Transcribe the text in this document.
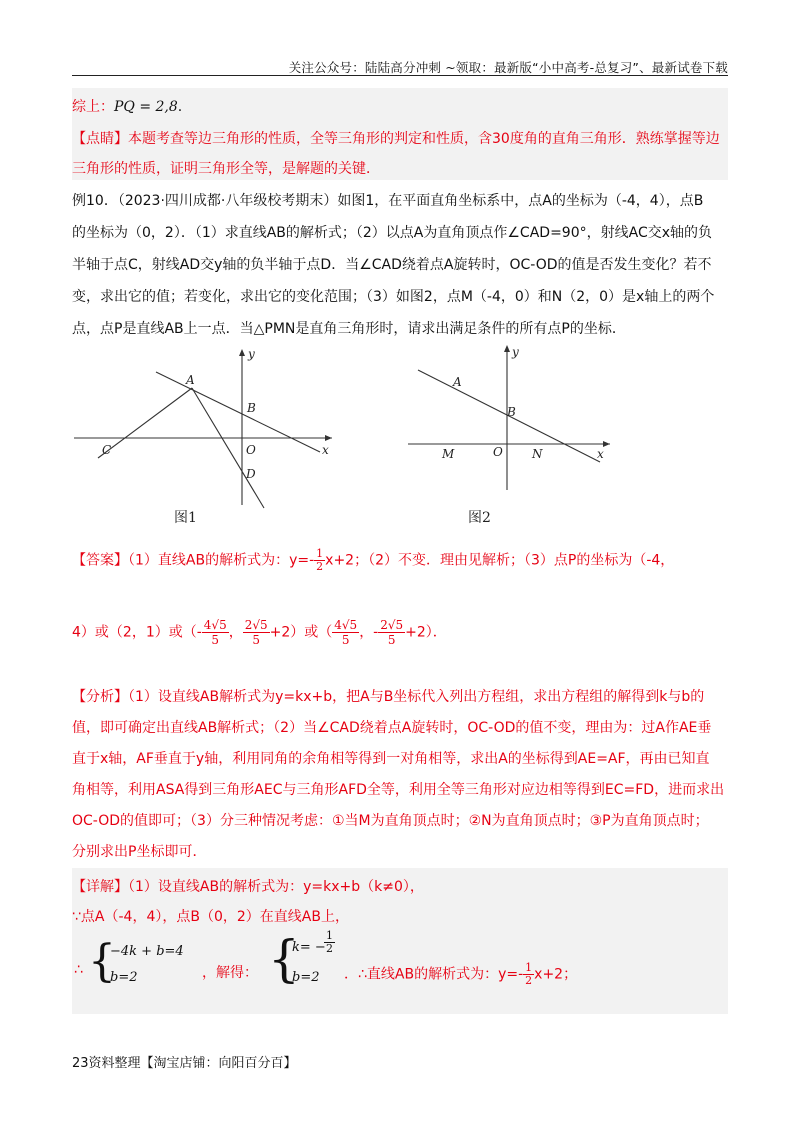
关注公众号：陆陆高分冲刺 ~领取：最新版“小中高考-总复习”、最新试卷下载
综上：PQ = 2,8.
【点睛】本题考查等边三角形的性质，全等三角形的判定和性质，含30度角的直角三角形．熟练掌握等边
三角形的性质，证明三角形全等，是解题的关键．
例10．（2023·四川成都·八年级校考期末）如图1，在平面直角坐标系中，点A的坐标为（-4，4），点B
的坐标为（0，2）．（1）求直线AB的解析式；（2）以点A为直角顶点作∠CAD=90°，射线AC交x轴的负
半轴于点C，射线AD交y轴的负半轴于点D．当∠CAD绕着点A旋转时，OC-OD的值是否发生变化？若不
变，求出它的值；若变化，求出它的变化范围；（3）如图2，点M（-4，0）和N（2，0）是x轴上的两个
点，点P是直线AB上一点．当△PMN是直角三角形时，请求出满足条件的所有点P的坐标．
y
A
B
C	O	x
D
图1
y
A
B
M	O N	x
图2
【答案】（1）直线AB的解析式为：$y=- \frac{1}{2} x+2$；（2）不变．理由见解析；（3）点P的坐标为（-4，
4）或（2，1）或（- $\frac{4√5}{5}$ ， $\frac{2√5}{5} +2$）或（ $\frac{4√5}{5}$ ，- $\frac{2√5}{5} +2$）．
【分析】（1）设直线AB解析式为y=kx+b，把A与B坐标代入列出方程组，求出方程组的解得到k与b的
值，即可确定出直线AB解析式；（2）当∠CAD绕着点A旋转时，OC-OD的值不变，理由为：过A作AE垂
直于x轴，AF垂直于y轴，利用同角的余角相等得到一对角相等，求出A的坐标得到AE=AF，再由已知直
角相等，利用ASA得到三角形AEC与三角形AFD全等，利用全等三角形对应边相等得到EC=FD，进而求出
OC-OD的值即可；（3）分三种情况考虑：①当M为直角顶点时；②N为直角顶点时；③P为直角顶点时；
分别求出P坐标即可．
【详解】（1）设直线AB的解析式为：y=kx+b（k≠0），
∵点A（-4，4），点B（0，2）在直线AB上，
∴ {
−4k + b=4
b=2	，解得： {
k= −
$\frac{1}{2}$
b=2 ．∴直线AB的解析式为：$y=- \frac{1}{2} x+2$；
23资料整理【淘宝店铺：向阳百分百】
